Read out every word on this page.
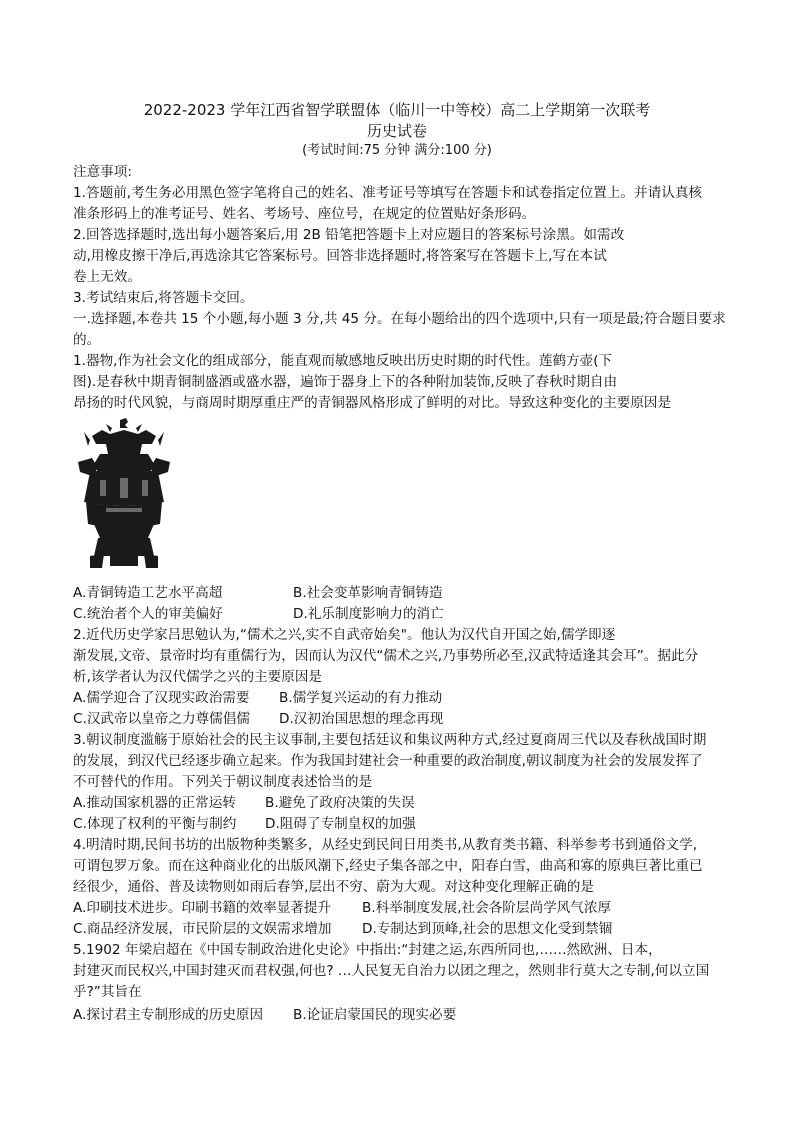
2022-2023 学年江西省智学联盟体（临川一中等校）高二上学期第一次联考
历史试卷
(考试时间:75 分钟 满分:100 分)
注意事项:
1.答题前,考生务必用黑色签字笔将自己的姓名、准考证号等填写在答题卡和试卷指定位置上。并请认真核
准条形码上的准考证号、姓名、考场号、座位号，在规定的位置贴好条形码。
2.回答选择题时,选出每小题答案后,用 2B 铅笔把答题卡上对应题目的答案标号涂黑。如需改
动,用橡皮擦干净后,再选涂其它答案标号。回答非选择题时,将答案写在答题卡上,写在本试
卷上无效。
3.考试结束后,将答题卡交回。
一.选择题,本卷共 15 个小题,每小题 3 分,共 45 分。在每小题给出的四个选项中,只有一项是最;符合题目要求
的。
1.器物,作为社会文化的组成部分，能直观而敏感地反映出历史时期的时代性。莲鹤方壶(下
图).是春秋中期青铜制盛酒或盛水器，遍饰于器身上下的各种附加装饰,反映了春秋时期自由
昂扬的时代风貌，与商周时期厚重庄严的青铜器风格形成了鲜明的对比。导致这种变化的主要原因是
A.青铜铸造工艺水平高超	B.社会变革影响青铜铸造
C.统治者个人的审美偏好	D.礼乐制度影响力的消亡
2.近代历史学家吕思勉认为,“儒术之兴,实不自武帝始矣"。他认为汉代自开国之始,儒学即逐
渐发展,文帝、景帝时均有重儒行为，因而认为汉代“儒术之兴,乃事势所必至,汉武特适逢其会耳”。据此分
析,该学者认为汉代儒学之兴的主要原因是
A.儒学迎合了汉现实政治需要 B.儒学复兴运动的有力推动
C.汉武帝以皇帝之力尊儒倡儒 D.汉初治国思想的理念再现
3.朝议制度滥觞于原始社会的民主议事制,主要包括廷议和集议两种方式,经过夏商周三代以及春秋战国时期
的发展，到汉代已经逐步确立起来。作为我国封建社会一种重要的政治制度,朝议制度为社会的发展发挥了
不可替代的作用。下列关于朝议制度表述恰当的是
A.推动国家机器的正常运转 B.避免了政府决策的失误
C.体现了权利的平衡与制约 D.阻碍了专制皇权的加强
4.明清时期,民间书坊的出版物种类繁多，从经史到民间日用类书,从教育类书籍、科举参考书到通俗文学,
可谓包罗万象。而在这种商业化的出版风潮下,经史子集各部之中，阳春白雪，曲高和寡的原典巨著比重已
经很少，通俗、普及读物则如雨后春笋,层出不穷、蔚为大观。对这种变化理解正确的是
A.印刷技术进步。印刷书籍的效率显著提升 B.科举制度发展,社会各阶层尚学风气浓厚
C.商品经济发展，市民阶层的文娱需求增加 D.专制达到顶峰,社会的思想文化受到禁锢
5.1902 年梁启超在《中国专制政治进化史论》中指出:“封建之运,东西所同也,……然欧洲、日本，
封建灭而民权兴,中国封建灭而君权强,何也? …人民复无自治力以团之理之，然则非行莫大之专制,何以立国
乎?”其旨在
A.探讨君主专制形成的历史原因 B.论证启蒙国民的现实必要
